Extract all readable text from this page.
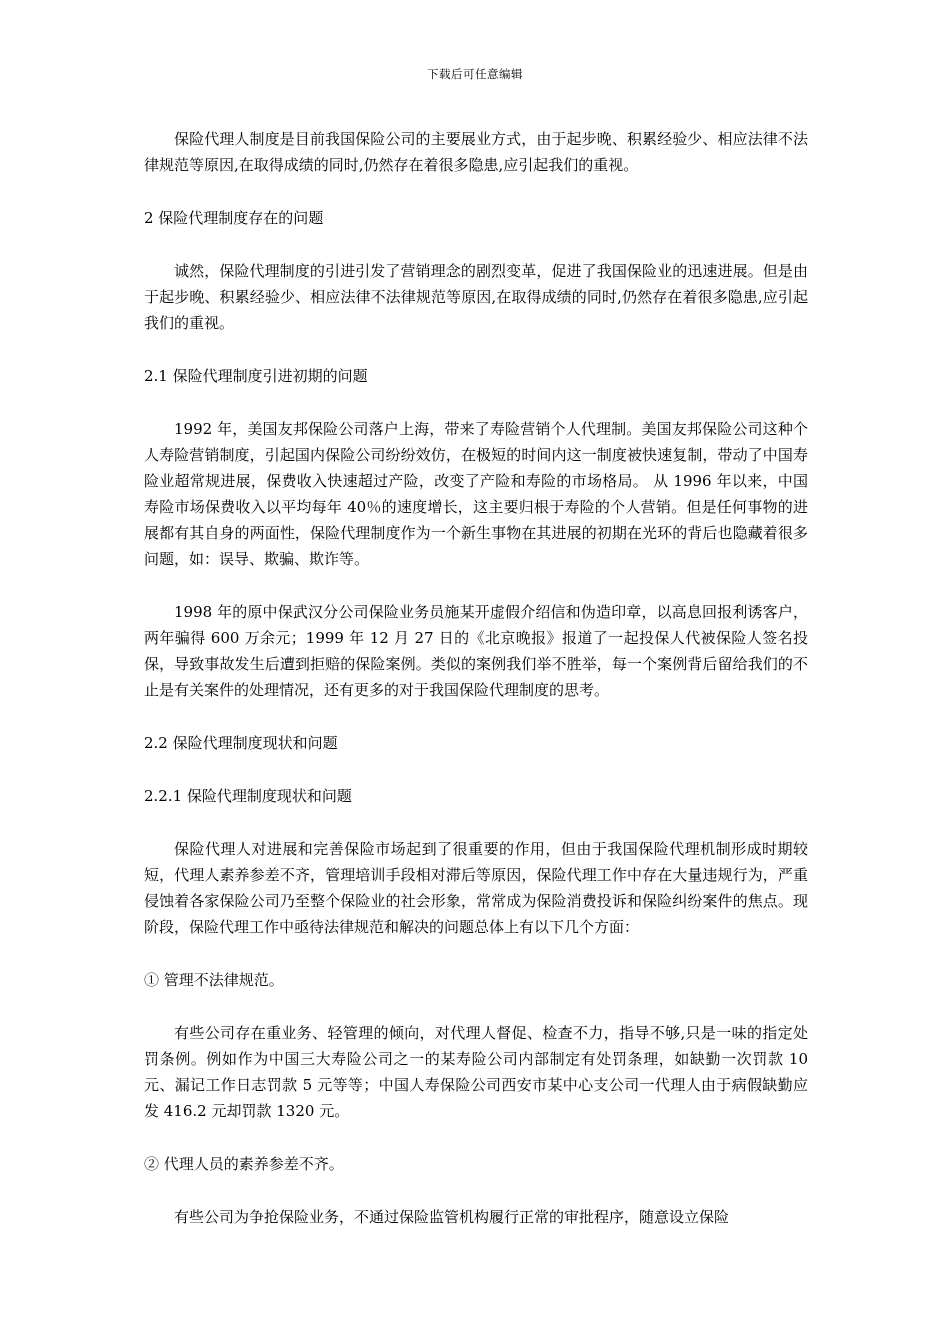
下载后可任意编辑

保险代理人制度是目前我国保险公司的主要展业方式，由于起步晚、积累经验少、相应法律不法律规范等原因,在取得成绩的同时,仍然存在着很多隐患,应引起我们的重视。

2 保险代理制度存在的问题

诚然，保险代理制度的引进引发了营销理念的剧烈变革，促进了我国保险业的迅速进展。但是由于起步晚、积累经验少、相应法律不法律规范等原因,在取得成绩的同时,仍然存在着很多隐患,应引起我们的重视。

2.1 保险代理制度引进初期的问题

1992 年，美国友邦保险公司落户上海，带来了寿险营销个人代理制。美国友邦保险公司这种个人寿险营销制度，引起国内保险公司纷纷效仿，在极短的时间内这一制度被快速复制，带动了中国寿险业超常规进展，保费收入快速超过产险，改变了产险和寿险的市场格局。 从 1996 年以来，中国寿险市场保费收入以平均每年 40％的速度增长，这主要归根于寿险的个人营销。但是任何事物的进展都有其自身的两面性，保险代理制度作为一个新生事物在其进展的初期在光环的背后也隐藏着很多问题，如：误导、欺骗、欺诈等。

1998 年的原中保武汉分公司保险业务员施某开虚假介绍信和伪造印章，以高息回报利诱客户，两年骗得 600 万余元；1999 年 12 月 27 日的《北京晚报》报道了一起投保人代被保险人签名投保，导致事故发生后遭到拒赔的保险案例。类似的案例我们举不胜举，每一个案例背后留给我们的不止是有关案件的处理情况，还有更多的对于我国保险代理制度的思考。

2.2 保险代理制度现状和问题

2.2.1 保险代理制度现状和问题

保险代理人对进展和完善保险市场起到了很重要的作用，但由于我国保险代理机制形成时期较短，代理人素养参差不齐，管理培训手段相对滞后等原因，保险代理工作中存在大量违规行为，严重侵蚀着各家保险公司乃至整个保险业的社会形象，常常成为保险消费投诉和保险纠纷案件的焦点。现阶段，保险代理工作中亟待法律规范和解决的问题总体上有以下几个方面：

① 管理不法律规范。

有些公司存在重业务、轻管理的倾向，对代理人督促、检查不力，指导不够,只是一味的指定处罚条例。例如作为中国三大寿险公司之一的某寿险公司内部制定有处罚条理，如缺勤一次罚款 10 元、漏记工作日志罚款 5 元等等；中国人寿保险公司西安市某中心支公司一代理人由于病假缺勤应发 416.2 元却罚款 1320 元。

② 代理人员的素养参差不齐。

有些公司为争抢保险业务，不通过保险监管机构履行正常的审批程序，随意设立保险
